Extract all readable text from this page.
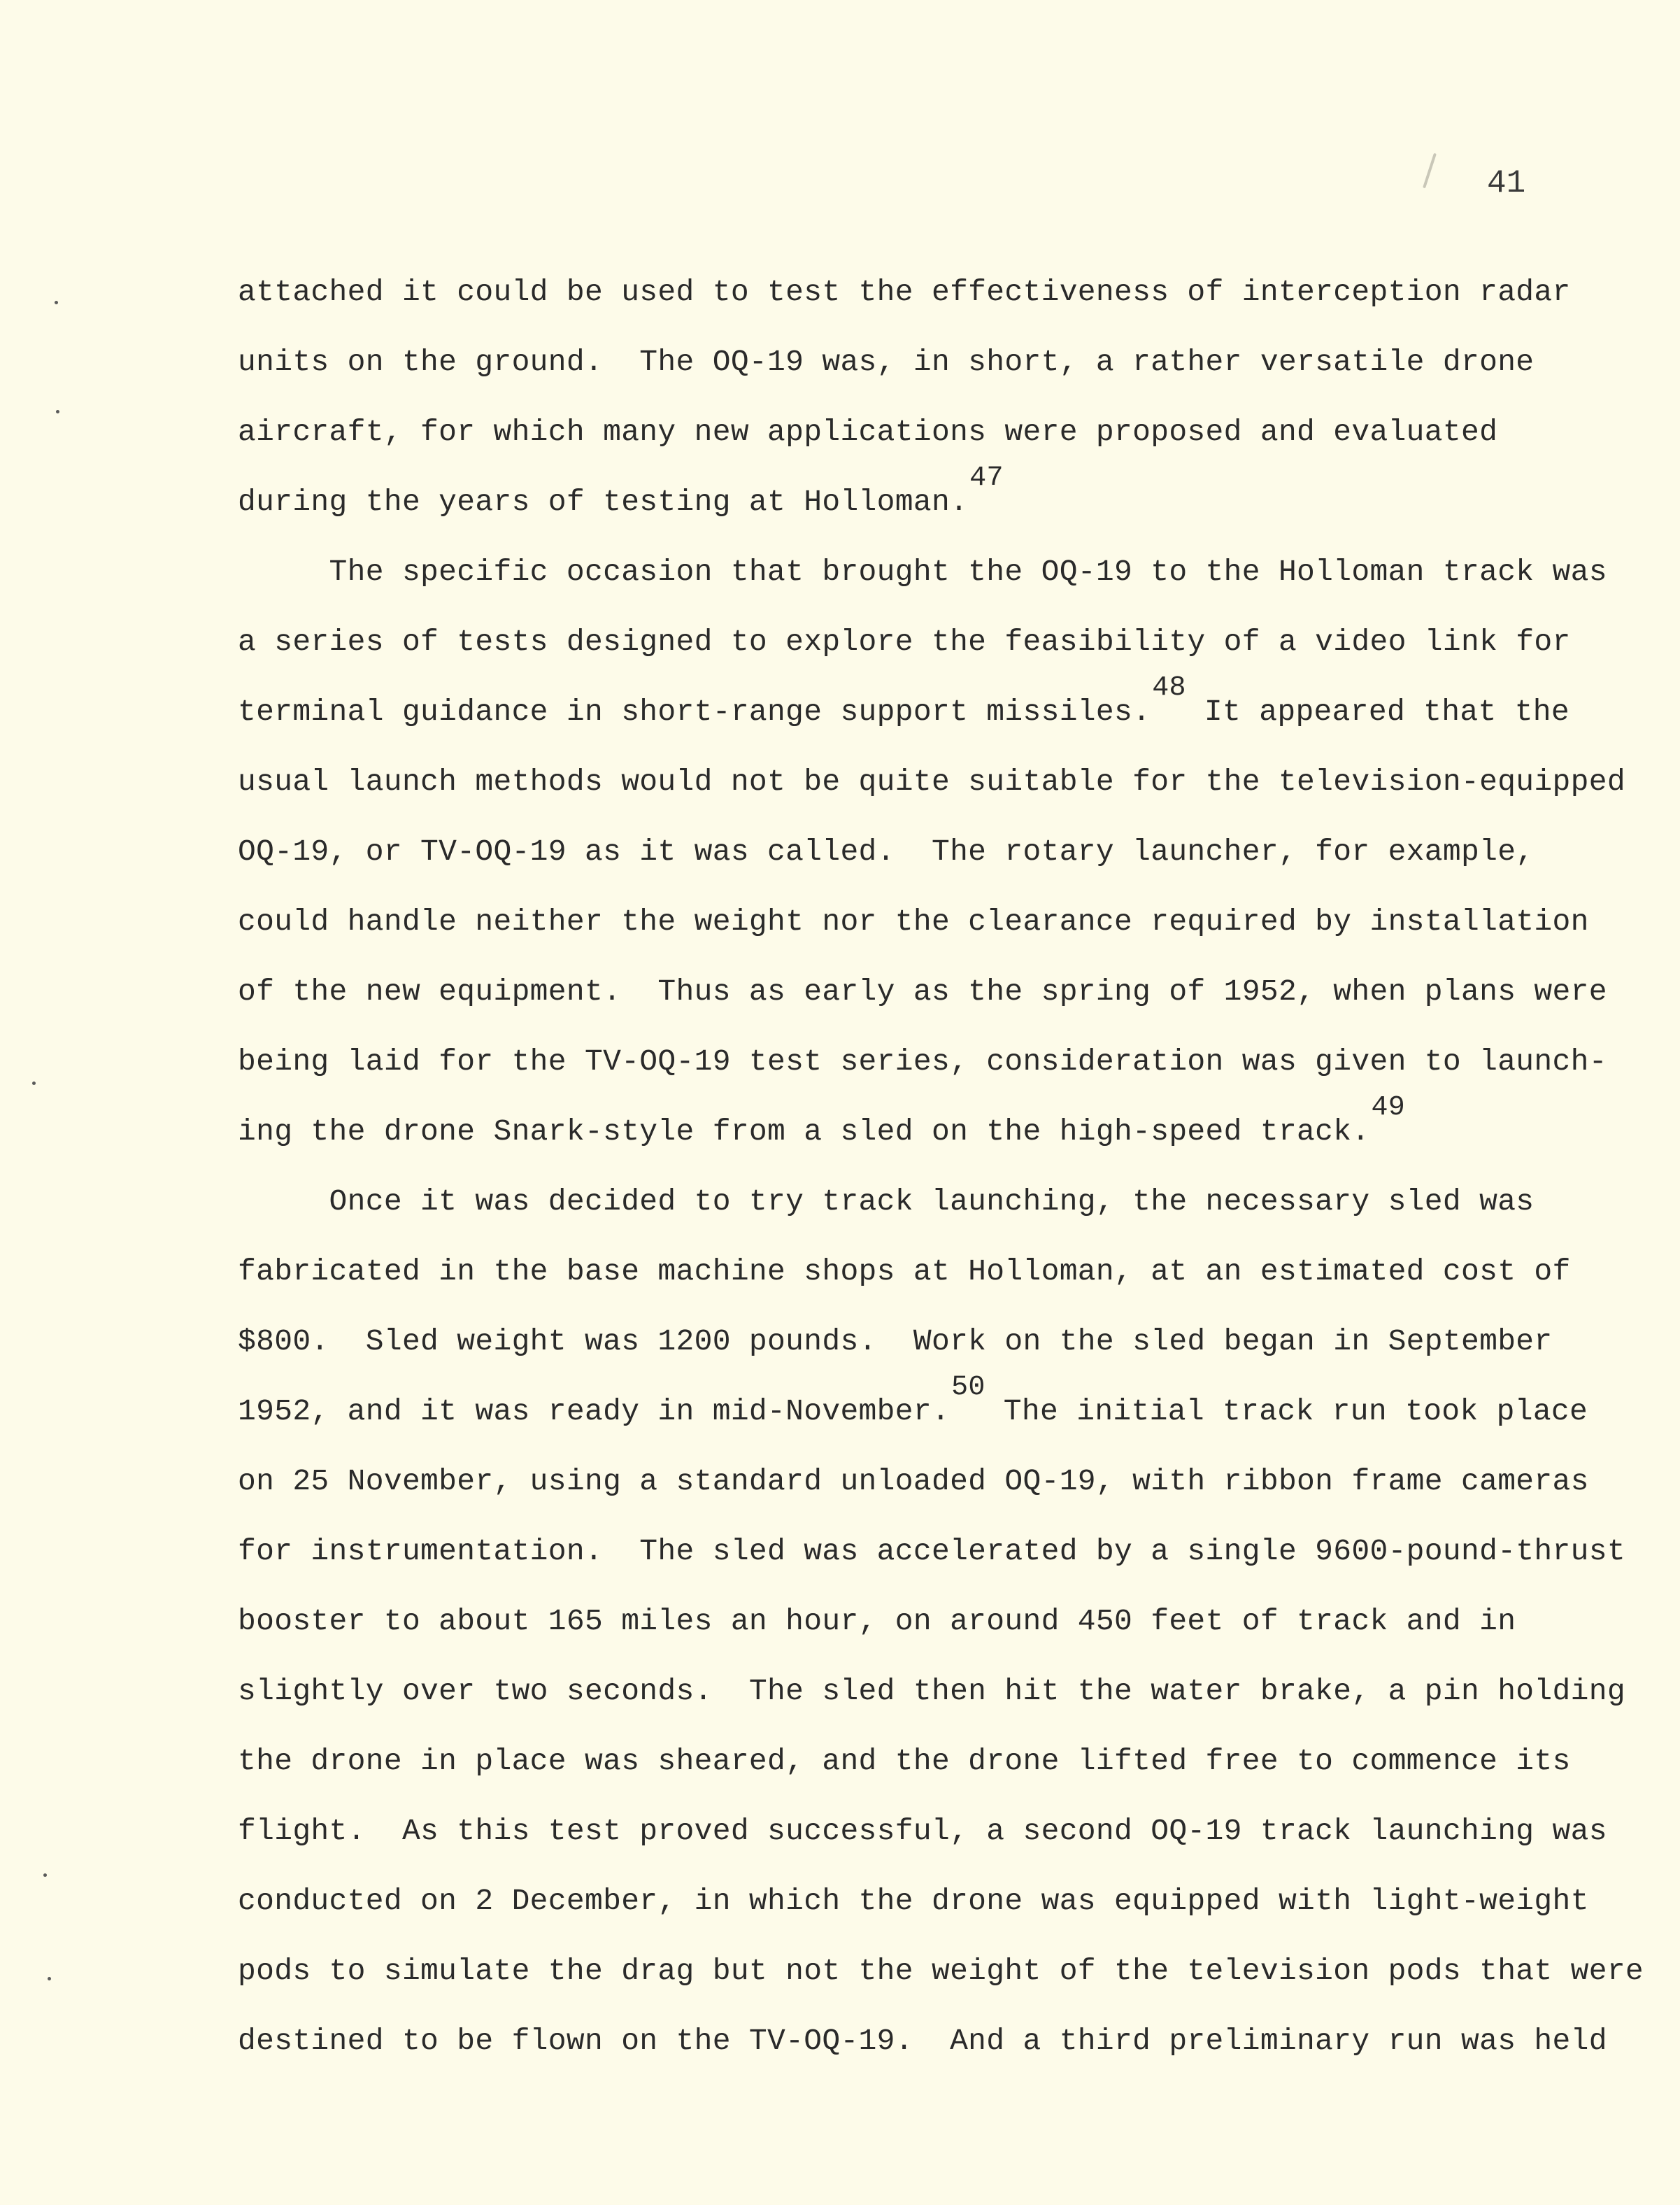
41
attached it could be used to test the effectiveness of interception radar
units on the ground.  The OQ-19 was, in short, a rather versatile drone
aircraft, for which many new applications were proposed and evaluated
during the years of testing at Holloman.47
The specific occasion that brought the OQ-19 to the Holloman track was
a series of tests designed to explore the feasibility of a video link for
terminal guidance in short-range support missiles.48 It appeared that the
usual launch methods would not be quite suitable for the television-equipped
OQ-19, or TV-OQ-19 as it was called.  The rotary launcher, for example,
could handle neither the weight nor the clearance required by installation
of the new equipment.  Thus as early as the spring of 1952, when plans were
being laid for the TV-OQ-19 test series, consideration was given to launch-
ing the drone Snark-style from a sled on the high-speed track.49
Once it was decided to try track launching, the necessary sled was
fabricated in the base machine shops at Holloman, at an estimated cost of
$800.  Sled weight was 1200 pounds.  Work on the sled began in September
1952, and it was ready in mid-November.50 The initial track run took place
on 25 November, using a standard unloaded OQ-19, with ribbon frame cameras
for instrumentation.  The sled was accelerated by a single 9600-pound-thrust
booster to about 165 miles an hour, on around 450 feet of track and in
slightly over two seconds.  The sled then hit the water brake, a pin holding
the drone in place was sheared, and the drone lifted free to commence its
flight.  As this test proved successful, a second OQ-19 track launching was
conducted on 2 December, in which the drone was equipped with light-weight
pods to simulate the drag but not the weight of the television pods that were
destined to be flown on the TV-OQ-19.  And a third preliminary run was held
